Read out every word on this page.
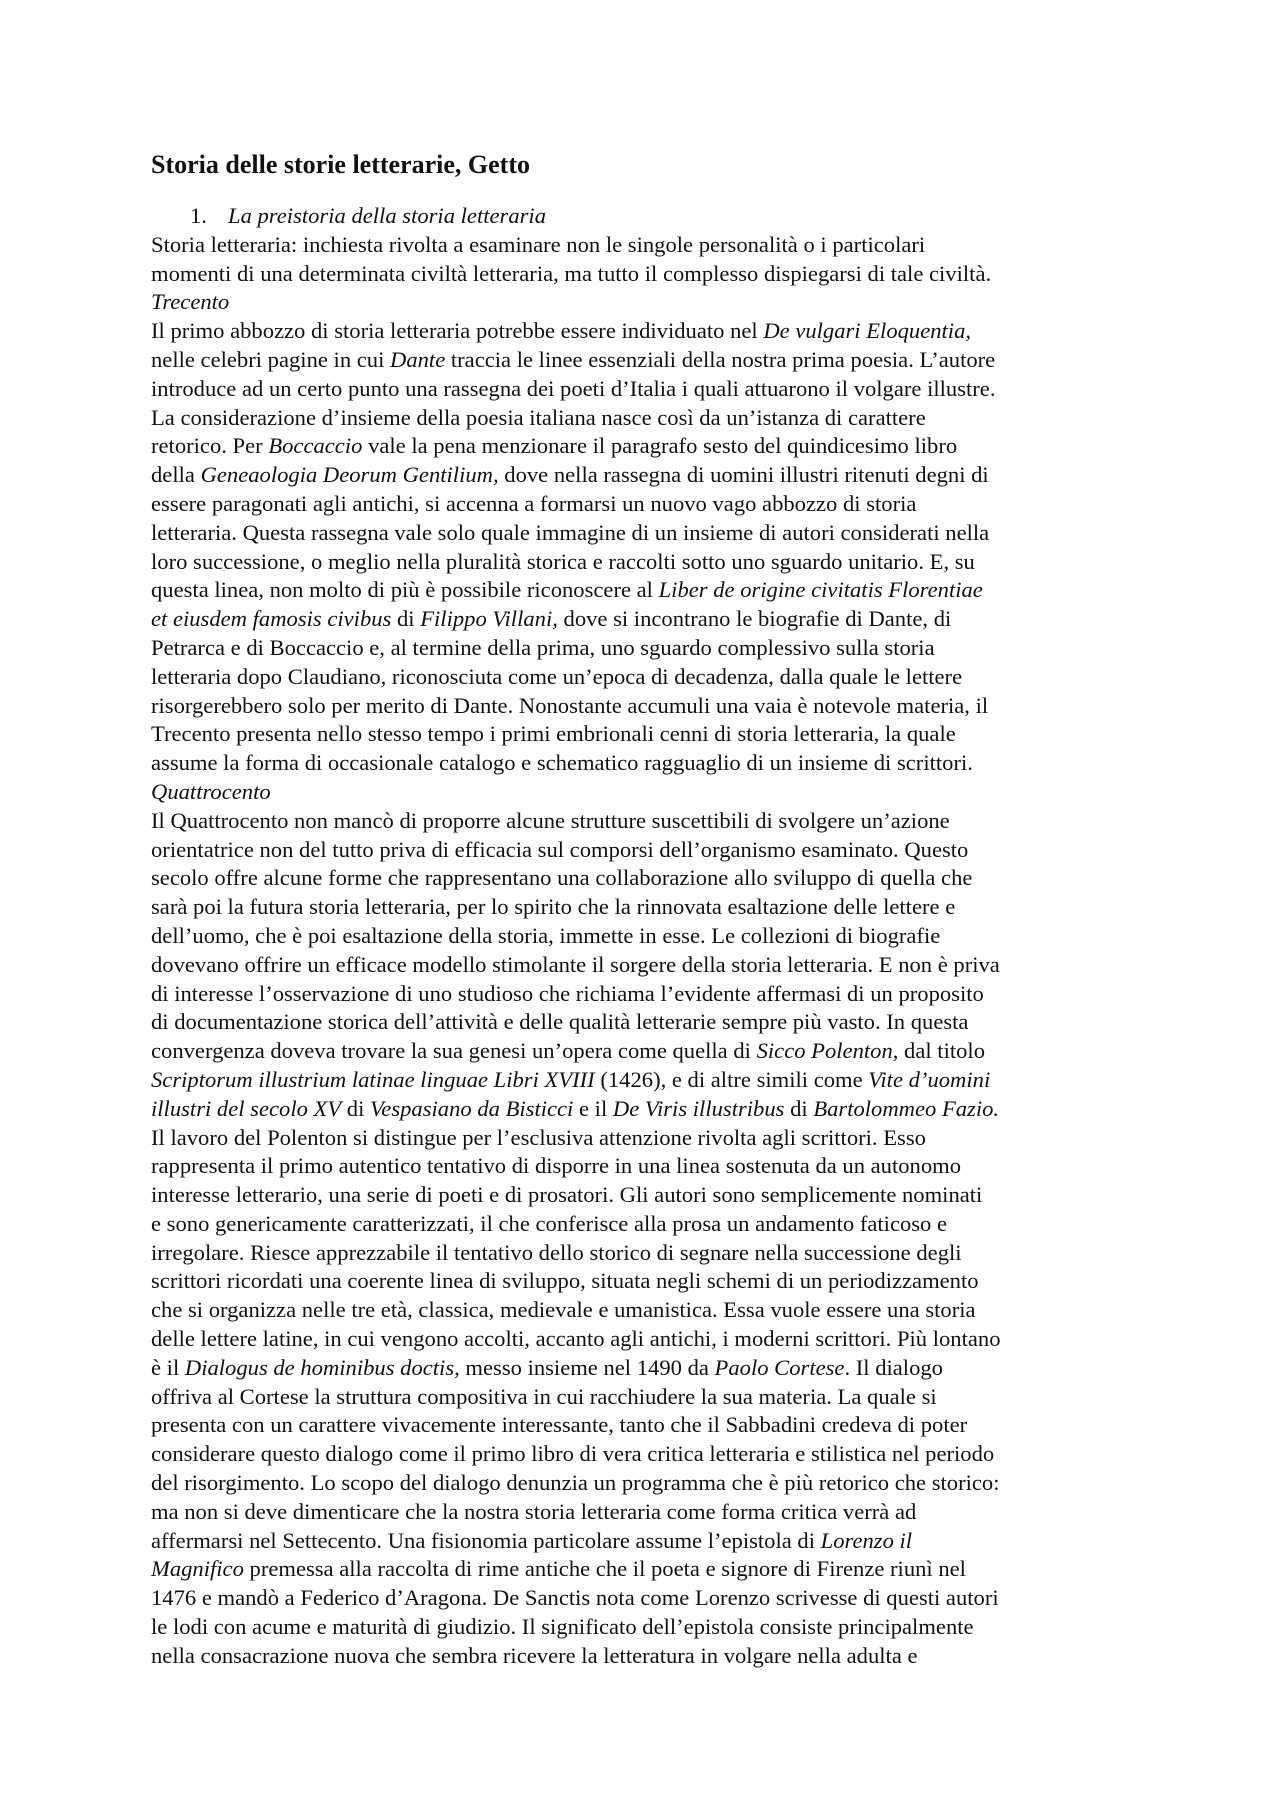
Storia delle storie letterarie, Getto
1. La preistoria della storia letteraria
Storia letteraria: inchiesta rivolta a esaminare non le singole personalità o i particolari
momenti di una determinata civiltà letteraria, ma tutto il complesso dispiegarsi di tale civiltà.
Trecento
Il primo abbozzo di storia letteraria potrebbe essere individuato nel De vulgari Eloquentia,
nelle celebri pagine in cui Dante traccia le linee essenziali della nostra prima poesia. L’autore
introduce ad un certo punto una rassegna dei poeti d’Italia i quali attuarono il volgare illustre.
La considerazione d’insieme della poesia italiana nasce così da un’istanza di carattere
retorico. Per Boccaccio vale la pena menzionare il paragrafo sesto del quindicesimo libro
della Geneaologia Deorum Gentilium, dove nella rassegna di uomini illustri ritenuti degni di
essere paragonati agli antichi, si accenna a formarsi un nuovo vago abbozzo di storia
letteraria. Questa rassegna vale solo quale immagine di un insieme di autori considerati nella
loro successione, o meglio nella pluralità storica e raccolti sotto uno sguardo unitario. E, su
questa linea, non molto di più è possibile riconoscere al Liber de origine civitatis Florentiae
et eiusdem famosis civibus di Filippo Villani, dove si incontrano le biografie di Dante, di
Petrarca e di Boccaccio e, al termine della prima, uno sguardo complessivo sulla storia
letteraria dopo Claudiano, riconosciuta come un’epoca di decadenza, dalla quale le lettere
risorgerebbero solo per merito di Dante. Nonostante accumuli una vaia è notevole materia, il
Trecento presenta nello stesso tempo i primi embrionali cenni di storia letteraria, la quale
assume la forma di occasionale catalogo e schematico ragguaglio di un insieme di scrittori.
Quattrocento
Il Quattrocento non mancò di proporre alcune strutture suscettibili di svolgere un’azione
orientatrice non del tutto priva di efficacia sul comporsi dell’organismo esaminato. Questo
secolo offre alcune forme che rappresentano una collaborazione allo sviluppo di quella che
sarà poi la futura storia letteraria, per lo spirito che la rinnovata esaltazione delle lettere e
dell’uomo, che è poi esaltazione della storia, immette in esse. Le collezioni di biografie
dovevano offrire un efficace modello stimolante il sorgere della storia letteraria. E non è priva
di interesse l’osservazione di uno studioso che richiama l’evidente affermasi di un proposito
di documentazione storica dell’attività e delle qualità letterarie sempre più vasto. In questa
convergenza doveva trovare la sua genesi un’opera come quella di Sicco Polenton, dal titolo
Scriptorum illustrium latinae linguae Libri XVIII (1426), e di altre simili come Vite d’uomini
illustri del secolo XV di Vespasiano da Bisticci e il De Viris illustribus di Bartolommeo Fazio.
Il lavoro del Polenton si distingue per l’esclusiva attenzione rivolta agli scrittori. Esso
rappresenta il primo autentico tentativo di disporre in una linea sostenuta da un autonomo
interesse letterario, una serie di poeti e di prosatori. Gli autori sono semplicemente nominati
e sono genericamente caratterizzati, il che conferisce alla prosa un andamento faticoso e
irregolare. Riesce apprezzabile il tentativo dello storico di segnare nella successione degli
scrittori ricordati una coerente linea di sviluppo, situata negli schemi di un periodizzamento
che si organizza nelle tre età, classica, medievale e umanistica. Essa vuole essere una storia
delle lettere latine, in cui vengono accolti, accanto agli antichi, i moderni scrittori. Più lontano
è il Dialogus de hominibus doctis, messo insieme nel 1490 da Paolo Cortese. Il dialogo
offriva al Cortese la struttura compositiva in cui racchiudere la sua materia. La quale si
presenta con un carattere vivacemente interessante, tanto che il Sabbadini credeva di poter
considerare questo dialogo come il primo libro di vera critica letteraria e stilistica nel periodo
del risorgimento. Lo scopo del dialogo denunzia un programma che è più retorico che storico:
ma non si deve dimenticare che la nostra storia letteraria come forma critica verrà ad
affermarsi nel Settecento. Una fisionomia particolare assume l’epistola di Lorenzo il
Magnifico premessa alla raccolta di rime antiche che il poeta e signore di Firenze riunì nel
1476 e mandò a Federico d’Aragona. De Sanctis nota come Lorenzo scrivesse di questi autori
le lodi con acume e maturità di giudizio. Il significato dell’epistola consiste principalmente
nella consacrazione nuova che sembra ricevere la letteratura in volgare nella adulta e
